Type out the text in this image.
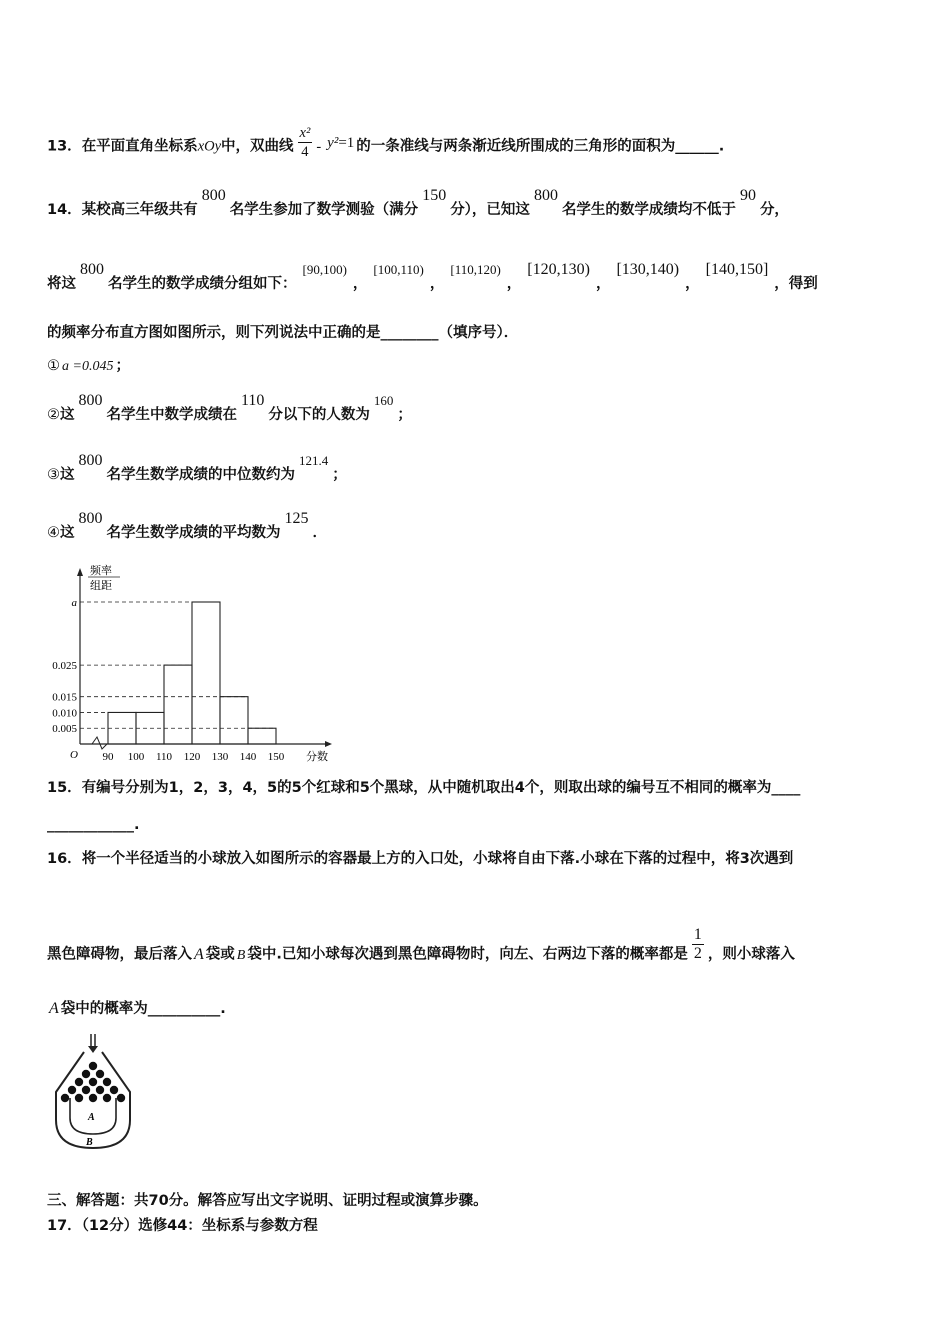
13．在平面直角坐标系xOy中，双曲线 $\frac{\text{x²}}{4} - y^2=1$ 的一条准线与两条渐近线所围成的三角形的面积为______.
14．某校高三年级共有800名学生参加了数学测验（满分150分），已知这800名学生的数学成绩均不低于90分，
将这800名学生的数学成绩分组如下：[90,100)，[100,110)，[110,120)，[120,130)，[130,140)，[140,150]，得到
的频率分布直方图如图所示，则下列说法中正确的是________（填序号）．
① a =0.045 ；
②这800名学生中数学成绩在110分以下的人数为160；
③这800名学生数学成绩的中位数约为121.4；
④这800名学生数学成绩的平均数为125．
频率
组距
O	分数
a
0.025
0.015
0.010
0.005
90 100 110 120 130 140 150
15．有编号分别为1，2，3，4，5的5个红球和5个黑球，从中随机取出4个，则取出球的编号互不相同的概率为____
____________.
16．将一个半径适当的小球放入如图所示的容器最上方的入口处，小球将自由下落.小球在下落的过程中，将3次遇到
黑色障碍物，最后落入 A 袋或 B 袋中.已知小球每次遇到黑色障碍物时，向左、右两边下落的概率都是 $\frac{1}{2}$ ，则小球落入
A 袋中的概率为__________.
A
B
三、解答题：共70分。解答应写出文字说明、证明过程或演算步骤。
17．（12分）选修44：坐标系与参数方程
